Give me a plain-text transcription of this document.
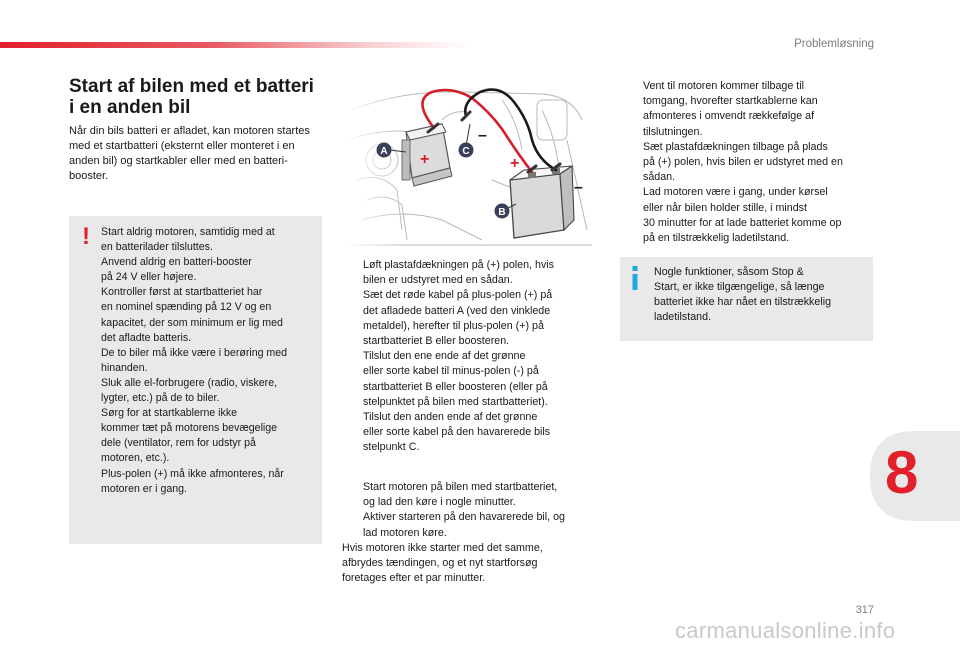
Problemløsning
Start af bilen med et batteri
i en anden bil

Når din bils batteri er afladet, kan motoren startes med et startbatteri (eksternt eller monteret i en anden bil) og startkabler eller med en batteri-booster.

! Start aldrig motoren, samtidig med at
en batterilader tilsluttes.
Anvend aldrig en batteri-booster
på 24 V eller højere.
Kontroller først at startbatteriet har
en nominel spænding på 12 V og en
kapacitet, der som minimum er lig med
det afladte batteris.
De to biler må ikke være i berøring med
hinanden.
Sluk alle el-forbrugere (radio, viskere,
lygter, etc.) på de to biler.
Sørg for at startkablerne ikke
kommer tæt på motorens bevægelige
dele (ventilator, rem for udstyr på
motoren, etc.).
Plus-polen (+) må ikke afmonteres, når
motoren er i gang.
+
–
+
–
A	C
B
Løft plastafdækningen på (+) polen, hvis
bilen er udstyret med en sådan.
Sæt det røde kabel på plus-polen (+) på
det afladede batteri A (ved den vinklede
metaldel), herefter til plus-polen (+) på
startbatteriet B eller boosteren.
Tilslut den ene ende af det grønne
eller sorte kabel til minus-polen (-) på
startbatteriet B eller boosteren (eller på
stelpunktet på bilen med startbatteriet).
Tilslut den anden ende af det grønne
eller sorte kabel på den havarerede bils
stelpunkt C.
Start motoren på bilen med startbatteriet,
og lad den køre i nogle minutter.
Aktiver starteren på den havarerede bil, og
lad motoren køre.
Hvis motoren ikke starter med det samme,
afbrydes tændingen, og et nyt startforsøg
foretages efter et par minutter.
Vent til motoren kommer tilbage til
tomgang, hvorefter startkablerne kan
afmonteres i omvendt rækkefølge af
tilslutningen.
Sæt plastafdækningen tilbage på plads
på (+) polen, hvis bilen er udstyret med en
sådan.
Lad motoren være i gang, under kørsel
eller når bilen holder stille, i mindst
30 minutter for at lade batteriet komme op
på en tilstrækkelig ladetilstand.
Nogle funktioner, såsom Stop &
Start, er ikke tilgængelige, så længe
batteriet ikke har nået en tilstrækkelig
ladetilstand.
8
317
carmanualsonline.info
